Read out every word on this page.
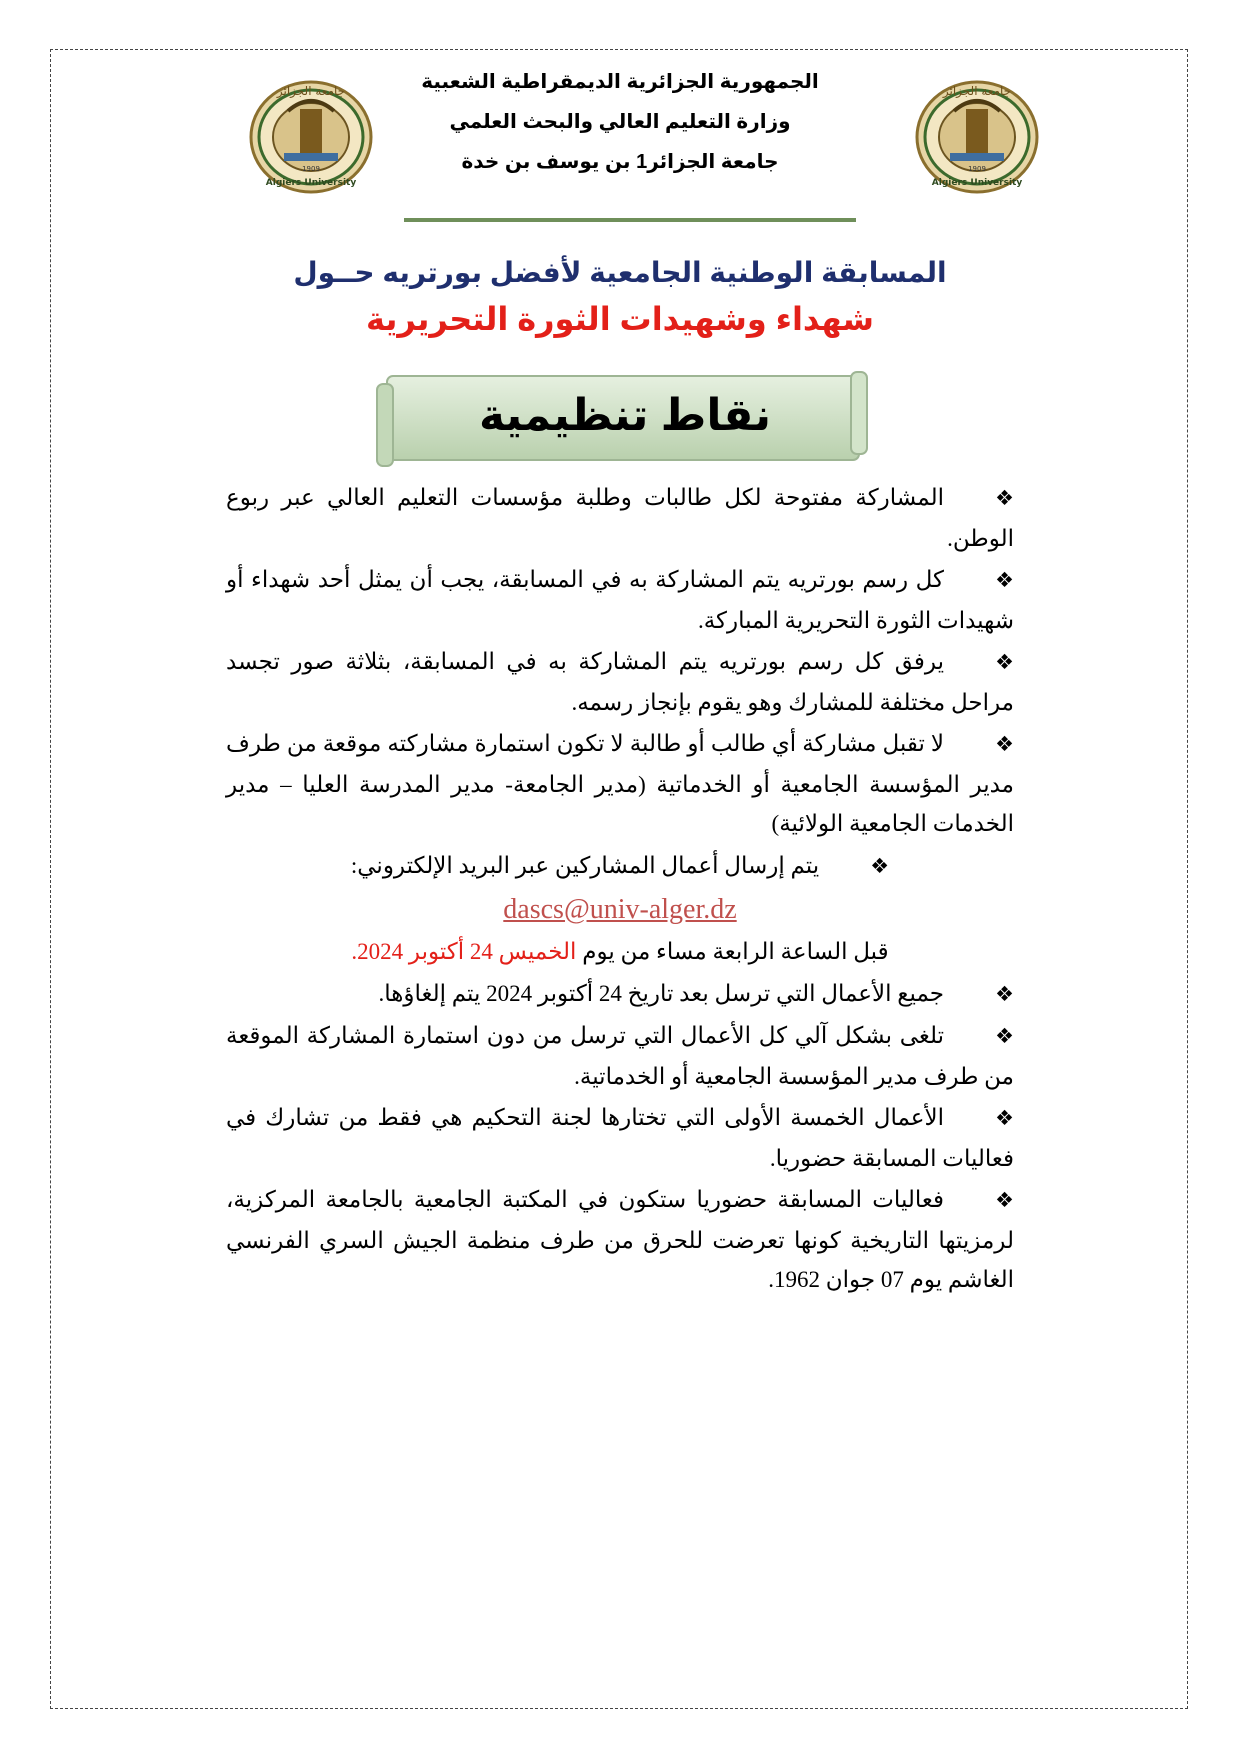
1909
Algiers University
جامعة الجزائر
1909
Algiers University
جامعة الجزائر
الجمهورية الجزائرية الديمقراطية الشعبية
وزارة التعليم العالي والبحث العلمي
جامعة الجزائر1 بن يوسف بن خدة
المسابقة الوطنية الجامعية لأفضل بورتريه حــول
شهداء وشهيدات الثورة التحريرية
نقاط تنظيمية

❖المشاركة مفتوحة لكل طالبات وطلبة مؤسسات التعليم العالي عبر ربوع الوطن.

❖كل رسم بورتريه يتم المشاركة به في المسابقة، يجب أن يمثل أحد شهداء أو شهيدات الثورة التحريرية المباركة.

❖يرفق كل رسم بورتريه يتم المشاركة به في المسابقة، بثلاثة صور تجسد مراحل مختلفة للمشارك وهو يقوم بإنجاز رسمه.

❖لا تقبل مشاركة أي طالب أو طالبة لا تكون استمارة مشاركته موقعة من طرف مدير المؤسسة الجامعية أو الخدماتية (مدير الجامعة- مدير المدرسة العليا – مدير الخدمات الجامعية الولائية)

❖يتم إرسال أعمال المشاركين عبر البريد الإلكتروني:

dascs@univ-alger.dz

قبل الساعة الرابعة مساء من يوم الخميس 24 أكتوبر 2024.

❖جميع الأعمال التي ترسل بعد تاريخ 24 أكتوبر 2024 يتم إلغاؤها.

❖تلغى بشكل آلي كل الأعمال التي ترسل من دون استمارة المشاركة الموقعة من طرف مدير المؤسسة الجامعية أو الخدماتية.

❖الأعمال الخمسة الأولى التي تختارها لجنة التحكيم هي فقط من تشارك في فعاليات المسابقة حضوريا.

❖فعاليات المسابقة حضوريا ستكون في المكتبة الجامعية بالجامعة المركزية، لرمزيتها التاريخية كونها تعرضت للحرق من طرف منظمة الجيش السري الفرنسي الغاشم يوم 07 جوان 1962.
